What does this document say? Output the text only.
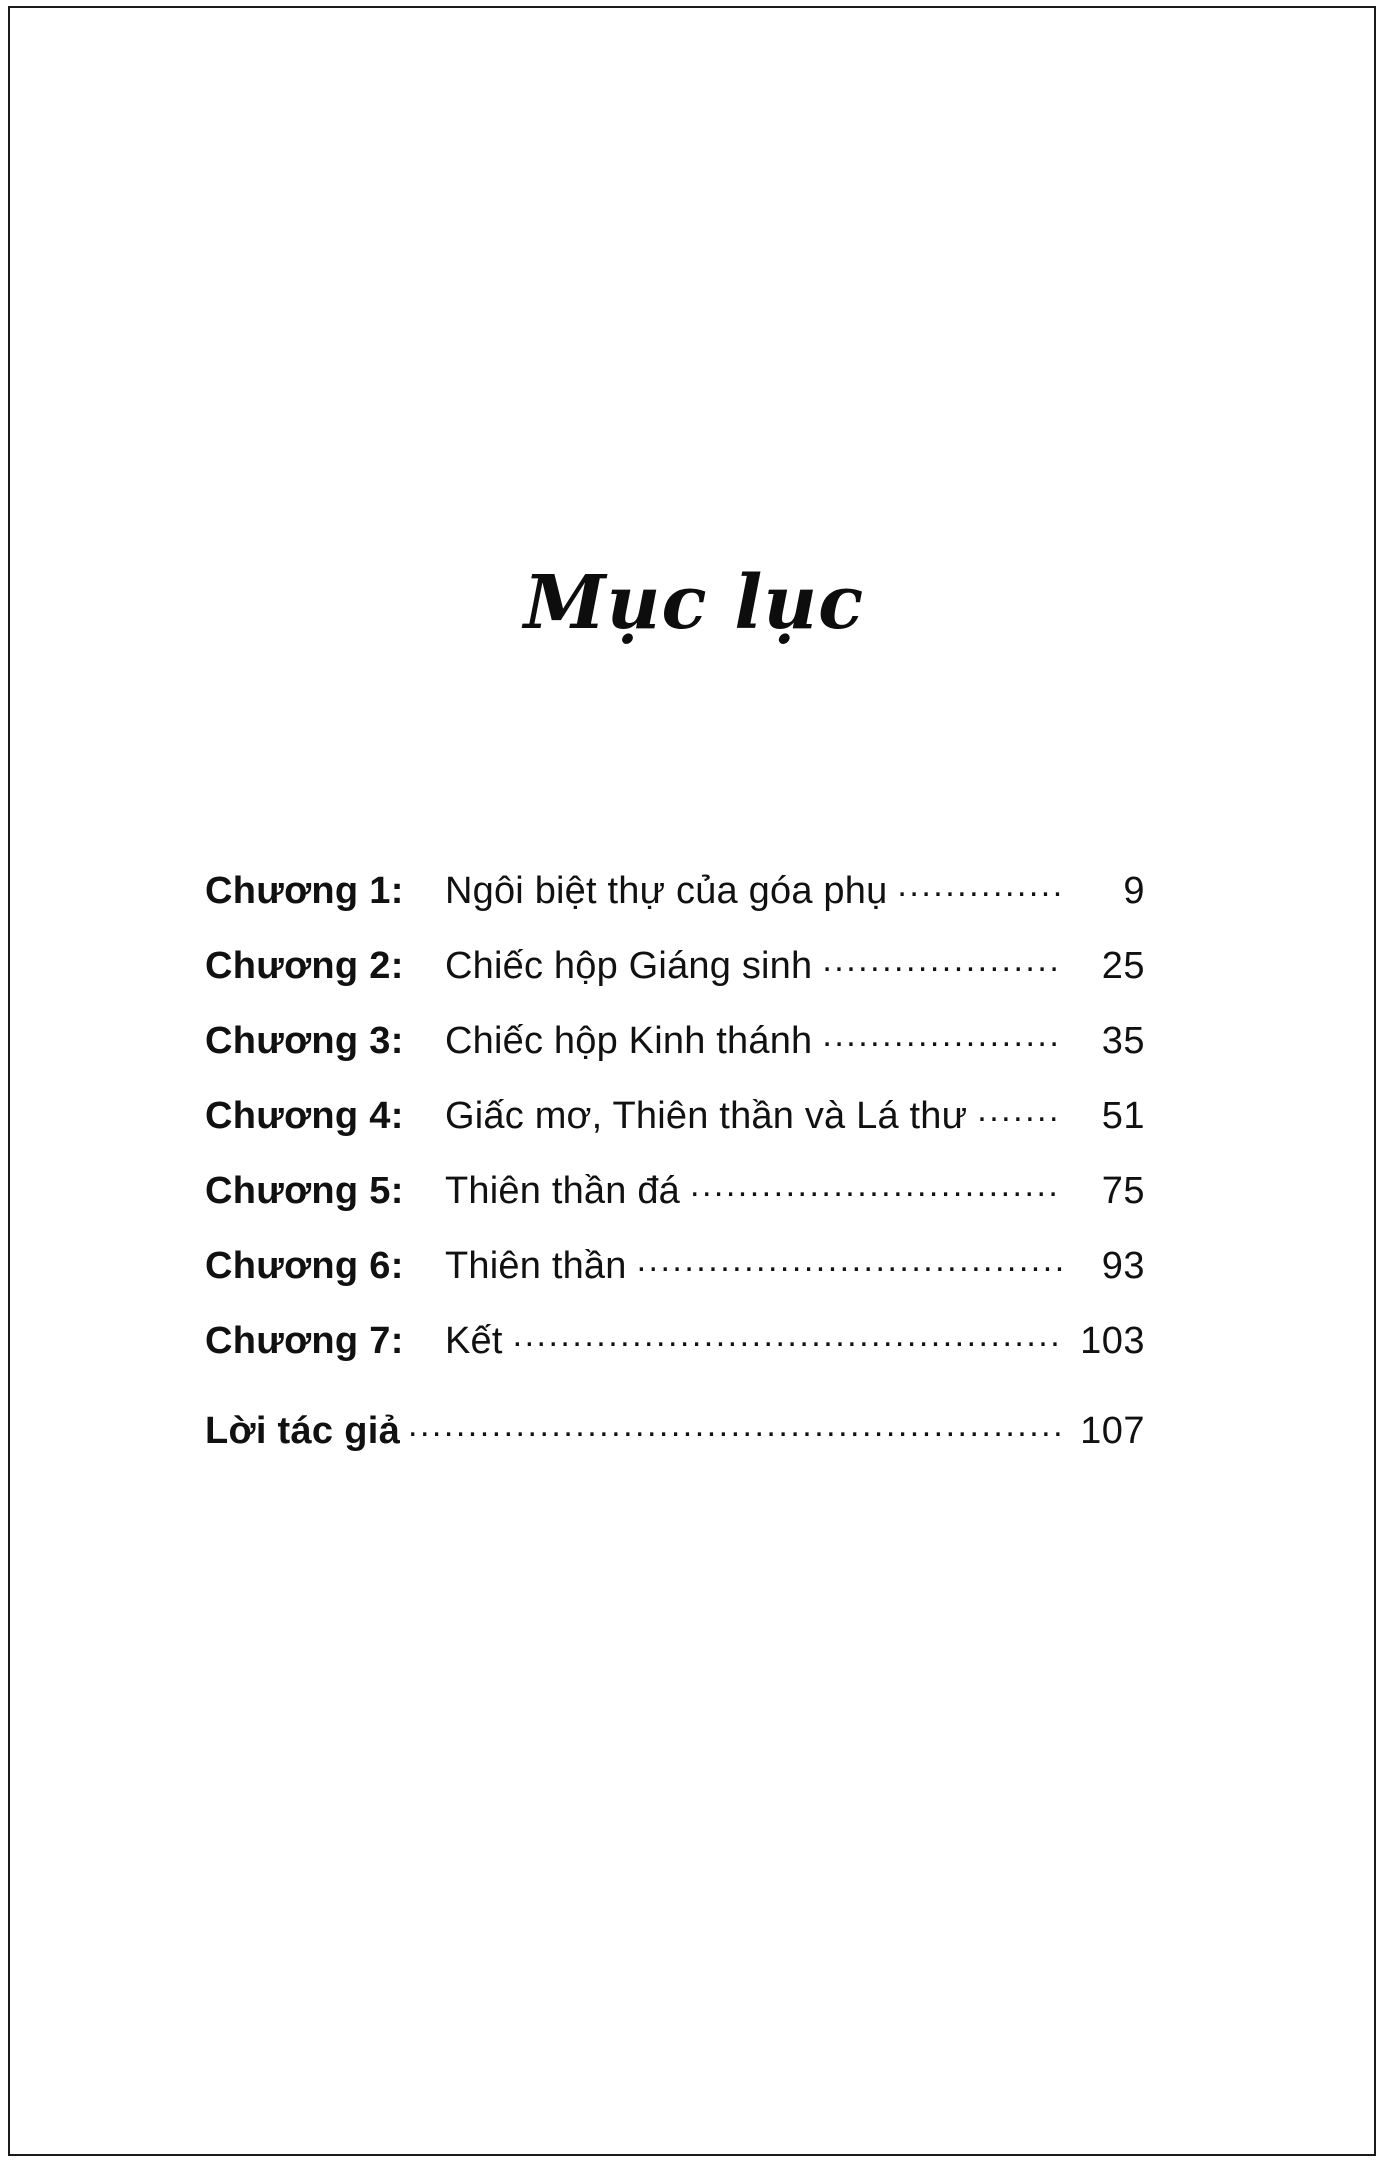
Mục lục
Chương 1:	Ngôi biệt thự của góa phụ .....	9
Chương 2:	Chiếc hộp Giáng sinh .....	25
Chương 3:	Chiếc hộp Kinh thánh .....	35
Chương 4:	Giấc mơ, Thiên thần và Lá thư .....	51
Chương 5:	Thiên thần đá .....	75
Chương 6:	Thiên thần .....	93
Chương 7:	Kết .....	103
Lời tác giả .....	107
